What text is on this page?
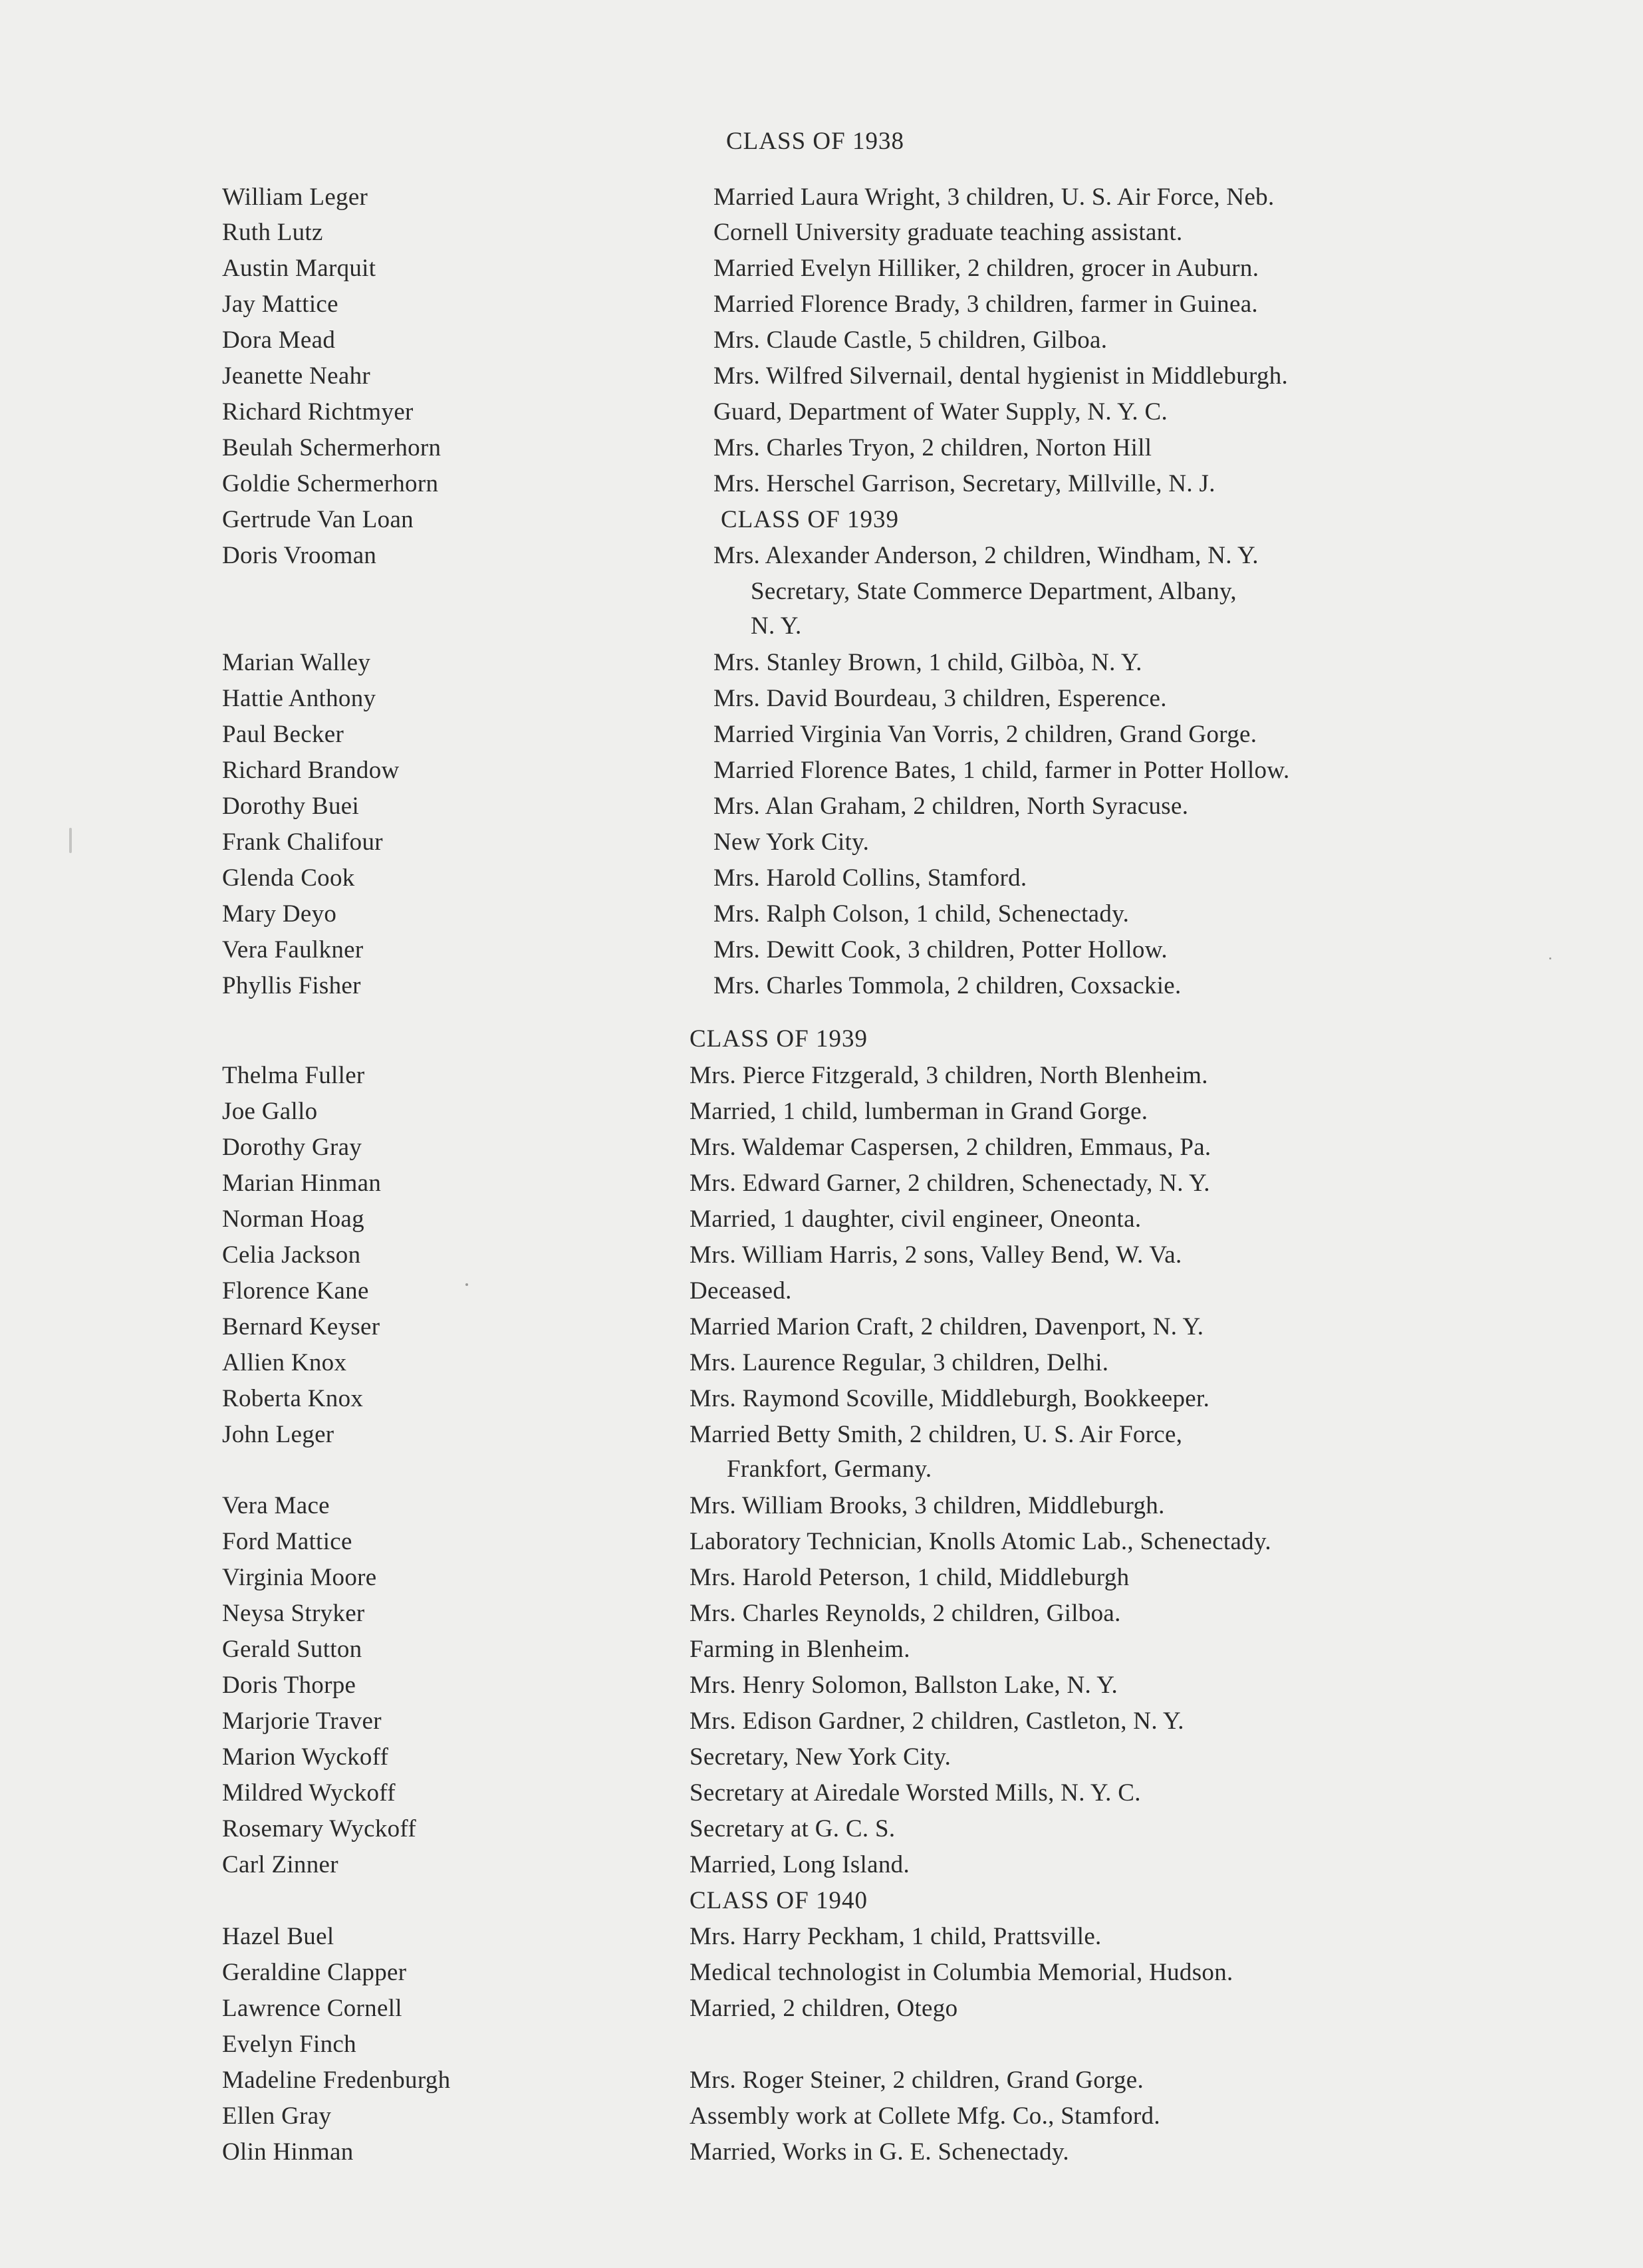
CLASS OF 1938
William Leger	Married Laura Wright, 3 children, U. S. Air Force, Neb.
Ruth Lutz	Cornell University graduate teaching assistant.
Austin Marquit	Married Evelyn Hilliker, 2 children, grocer in Auburn.
Jay Mattice	Married Florence Brady, 3 children, farmer in Guinea.
Dora Mead	Mrs. Claude Castle, 5 children, Gilboa.
Jeanette Neahr	Mrs. Wilfred Silvernail, dental hygienist in Middleburgh.
Richard Richtmyer	Guard, Department of Water Supply, N. Y. C.
Beulah Schermerhorn	Mrs. Charles Tryon, 2 children, Norton Hill
Goldie Schermerhorn	Mrs. Herschel Garrison, Secretary, Millville, N. J.
Gertrude Van Loan	CLASS OF 1939
Doris Vrooman	Mrs. Alexander Anderson, 2 children, Windham, N. Y.
Secretary, State Commerce Department, Albany,
N. Y.
Marian Walley	Mrs. Stanley Brown, 1 child, Gilbòa, N. Y.
Hattie Anthony	Mrs. David Bourdeau, 3 children, Esperence.
Paul Becker	Married Virginia Van Vorris, 2 children, Grand Gorge.
Richard Brandow	Married Florence Bates, 1 child, farmer in Potter Hollow.
Dorothy Buei	Mrs. Alan Graham, 2 children, North Syracuse.
Frank Chalifour	New York City.
Glenda Cook	Mrs. Harold Collins, Stamford.
Mary Deyo	Mrs. Ralph Colson, 1 child, Schenectady.
Vera Faulkner	Mrs. Dewitt Cook, 3 children, Potter Hollow.
Phyllis Fisher	Mrs. Charles Tommola, 2 children, Coxsackie.
CLASS OF 1939
Thelma Fuller	Mrs. Pierce Fitzgerald, 3 children, North Blenheim.
Joe Gallo	Married, 1 child, lumberman in Grand Gorge.
Dorothy Gray	Mrs. Waldemar Caspersen, 2 children, Emmaus, Pa.
Marian Hinman	Mrs. Edward Garner, 2 children, Schenectady, N. Y.
Norman Hoag	Married, 1 daughter, civil engineer, Oneonta.
Celia Jackson	Mrs. William Harris, 2 sons, Valley Bend, W. Va.
Florence Kane	Deceased.
Bernard Keyser	Married Marion Craft, 2 children, Davenport, N. Y.
Allien Knox	Mrs. Laurence Regular, 3 children, Delhi.
Roberta Knox	Mrs. Raymond Scoville, Middleburgh, Bookkeeper.
John Leger	Married Betty Smith, 2 children, U. S. Air Force,
Frankfort, Germany.
Vera Mace	Mrs. William Brooks, 3 children, Middleburgh.
Ford Mattice	Laboratory Technician, Knolls Atomic Lab., Schenectady.
Virginia Moore	Mrs. Harold Peterson, 1 child, Middleburgh
Neysa Stryker	Mrs. Charles Reynolds, 2 children, Gilboa.
Gerald Sutton	Farming in Blenheim.
Doris Thorpe	Mrs. Henry Solomon, Ballston Lake, N. Y.
Marjorie Traver	Mrs. Edison Gardner, 2 children, Castleton, N. Y.
Marion Wyckoff	Secretary, New York City.
Mildred Wyckoff	Secretary at Airedale Worsted Mills, N. Y. C.
Rosemary Wyckoff	Secretary at G. C. S.
Carl Zinner	Married, Long Island.
CLASS OF 1940
Hazel Buel	Mrs. Harry Peckham, 1 child, Prattsville.
Geraldine Clapper	Medical technologist in Columbia Memorial, Hudson.
Lawrence Cornell	Married, 2 children, Otego
Evelyn Finch
Madeline Fredenburgh	Mrs. Roger Steiner, 2 children, Grand Gorge.
Ellen Gray	Assembly work at Collete Mfg. Co., Stamford.
Olin Hinman	Married, Works in G. E. Schenectady.
